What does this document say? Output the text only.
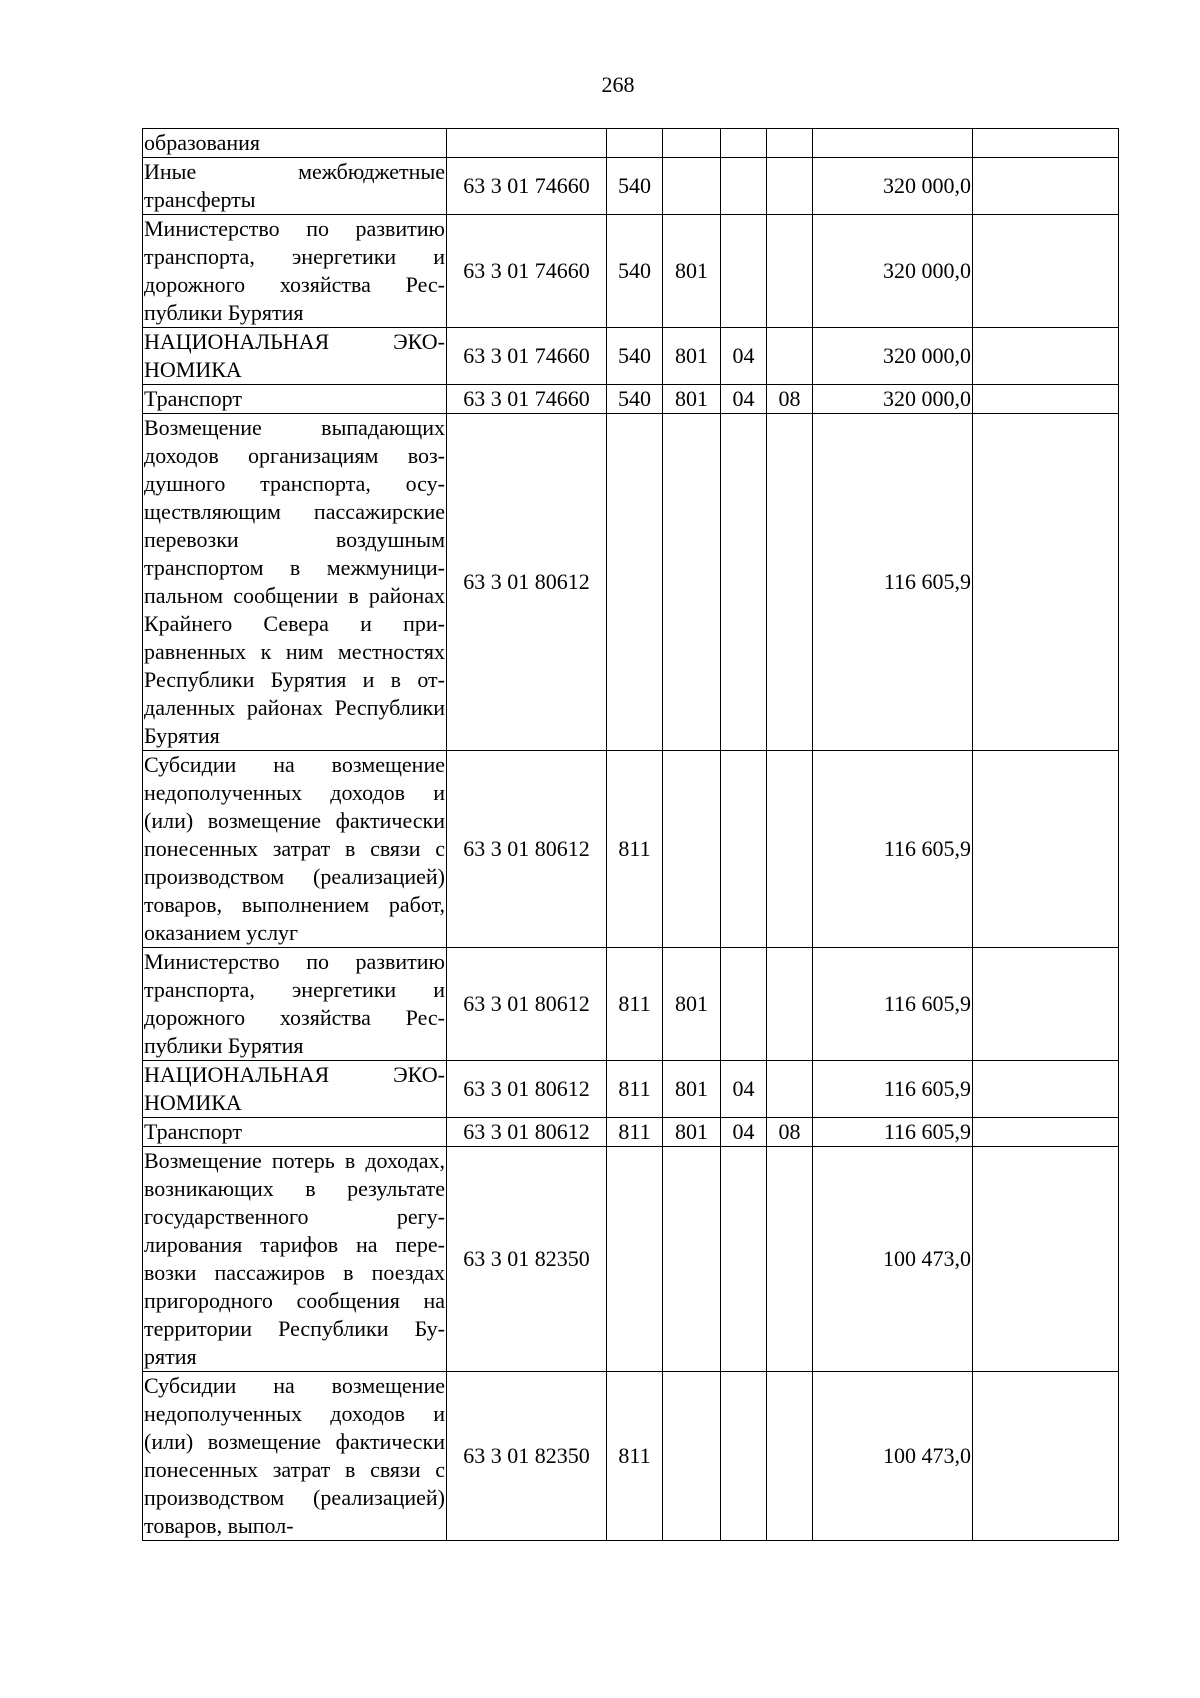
268
образования							
Иные межбюджетные трансферты	63 3 01 74660	540				320 000,0	
Министерство по развитию транспорта, энергетики и дорожного хозяйства Республики Бурятия	63 3 01 74660	540	801			320 000,0	
НАЦИОНАЛЬНАЯ ЭКОНОМИКА	63 3 01 74660	540	801	04		320 000,0	
Транспорт	63 3 01 74660	540	801	04	08	320 000,0	
Возмещение выпадающих доходов организациям воздушного транспорта, осуществляющим пассажирские перевозки воздушным транспортом в межмуниципальном сообщении в районах Крайнего Севера и приравненных к ним местностях Республики Бурятия и в отдаленных районах Республики Бурятия	63 3 01 80612					116 605,9	
Субсидии на возмещение недополученных доходов и (или) возмещение фактически понесенных затрат в связи с производством (реализацией) товаров, выполнением работ, оказанием услуг	63 3 01 80612	811				116 605,9	
Министерство по развитию транспорта, энергетики и дорожного хозяйства Республики Бурятия	63 3 01 80612	811	801			116 605,9	
НАЦИОНАЛЬНАЯ ЭКОНОМИКА	63 3 01 80612	811	801	04		116 605,9	
Транспорт	63 3 01 80612	811	801	04	08	116 605,9	
Возмещение потерь в доходах, возникающих в результате государственного регулирования тарифов на перевозки пассажиров в поездах пригородного сообщения на территории Республики Бурятия	63 3 01 82350					100 473,0	
Субсидии на возмещение недополученных доходов и (или) возмещение фактически понесенных затрат в связи с производством (реализацией) товаров, выпол-	63 3 01 82350	811				100 473,0	
